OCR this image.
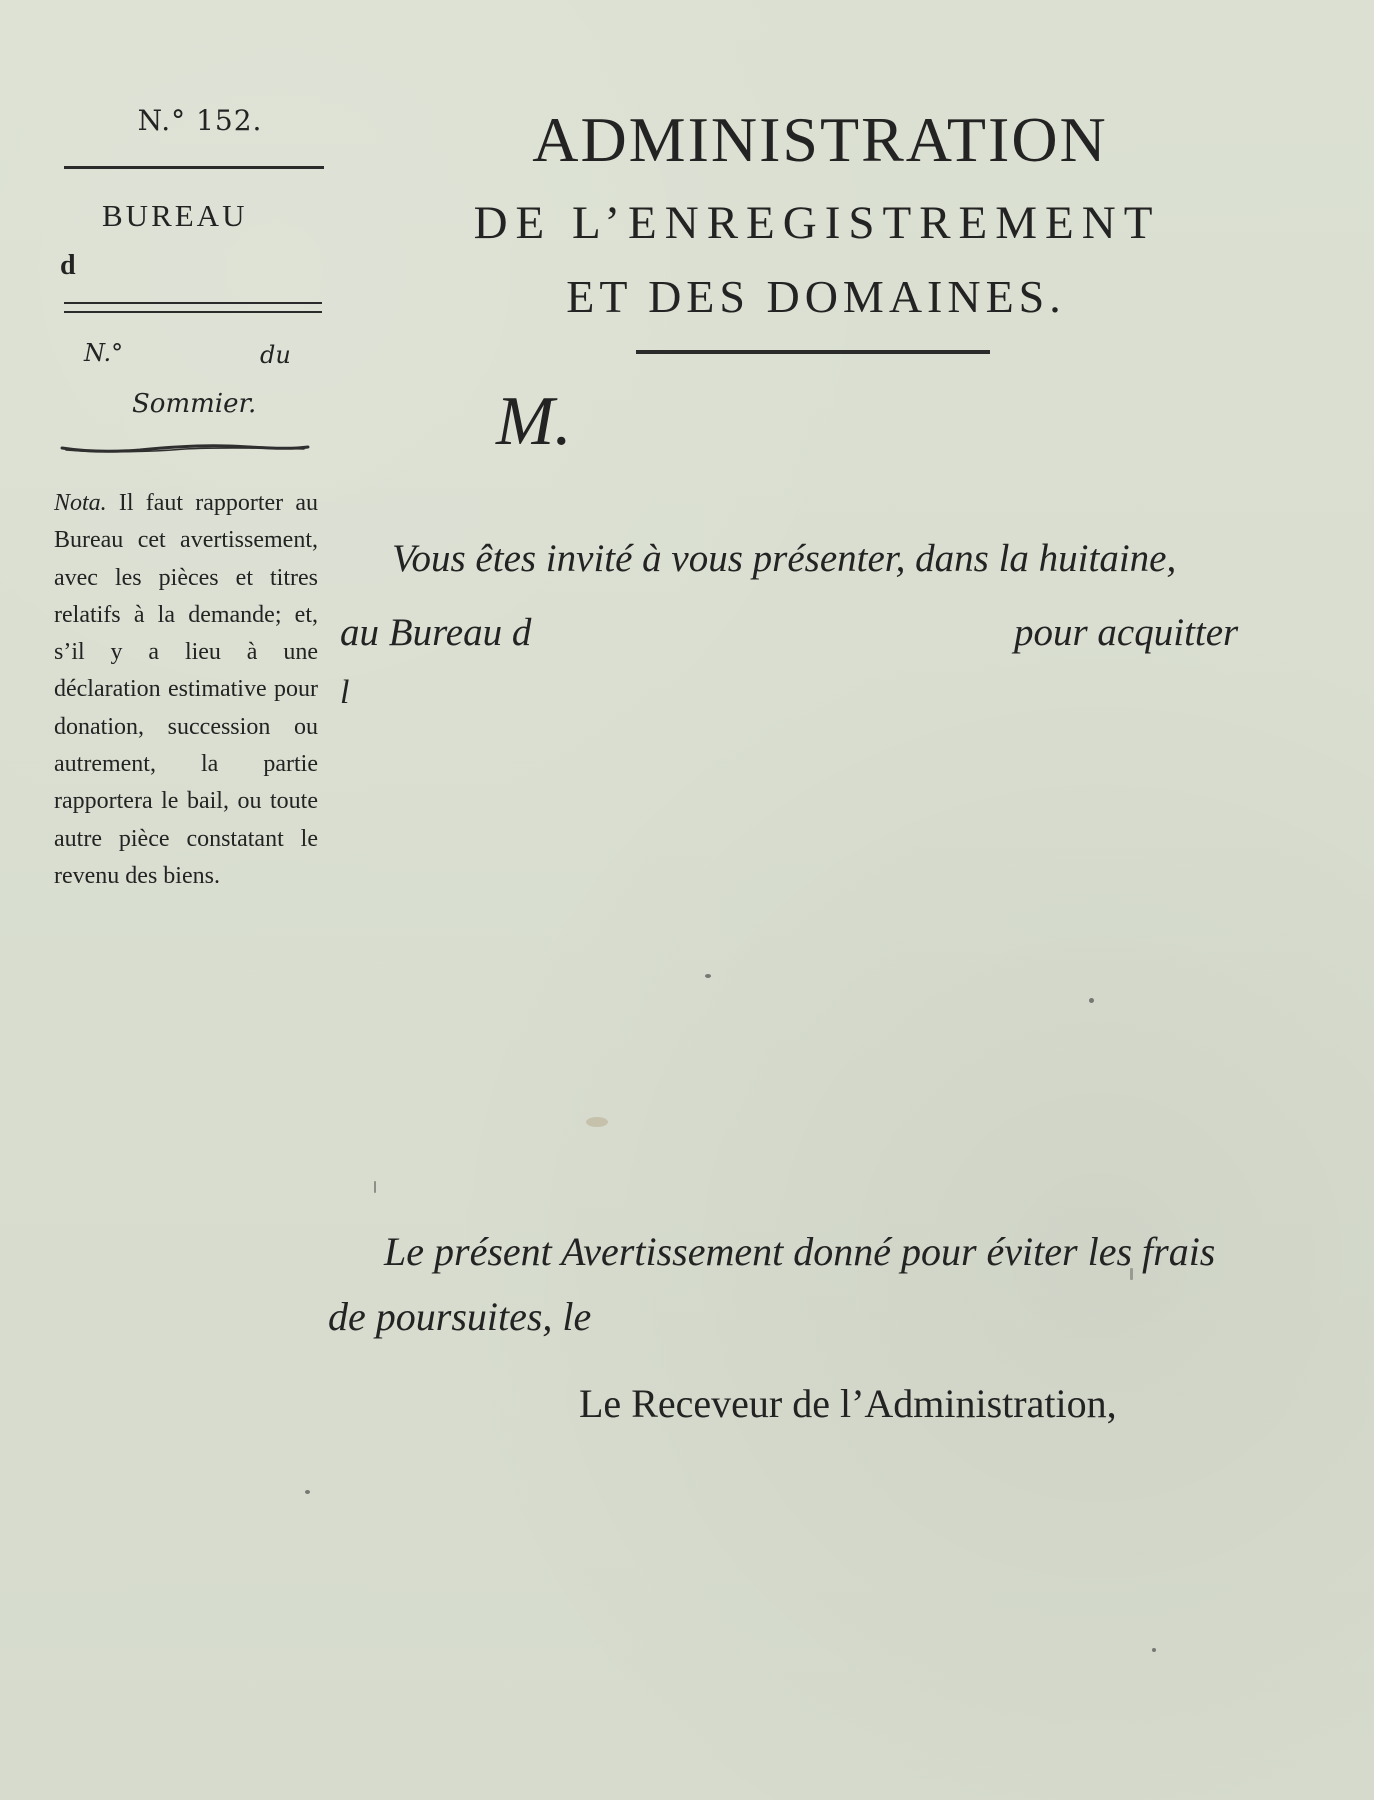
N.° 152.
BUREAU
d
N.°	du
Sommier.
Nota. Il faut rapporter au Bureau cet avertissement, avec les pièces et titres relatifs à la demande; et, s’il y a lieu à une déclaration estimative pour donation, succession ou autrement, la partie rapportera le bail, ou toute autre pièce constatant le revenu des biens.
ADMINISTRATION
DE L’ENREGISTREMENT
ET DES DOMAINES.
M.
Vous êtes invité à vous présenter, dans la huitaine,
au Bureau d	pour acquitter
l
Le présent Avertissement donné pour éviter les frais
de poursuites, le
Le Receveur de l’Administration,
